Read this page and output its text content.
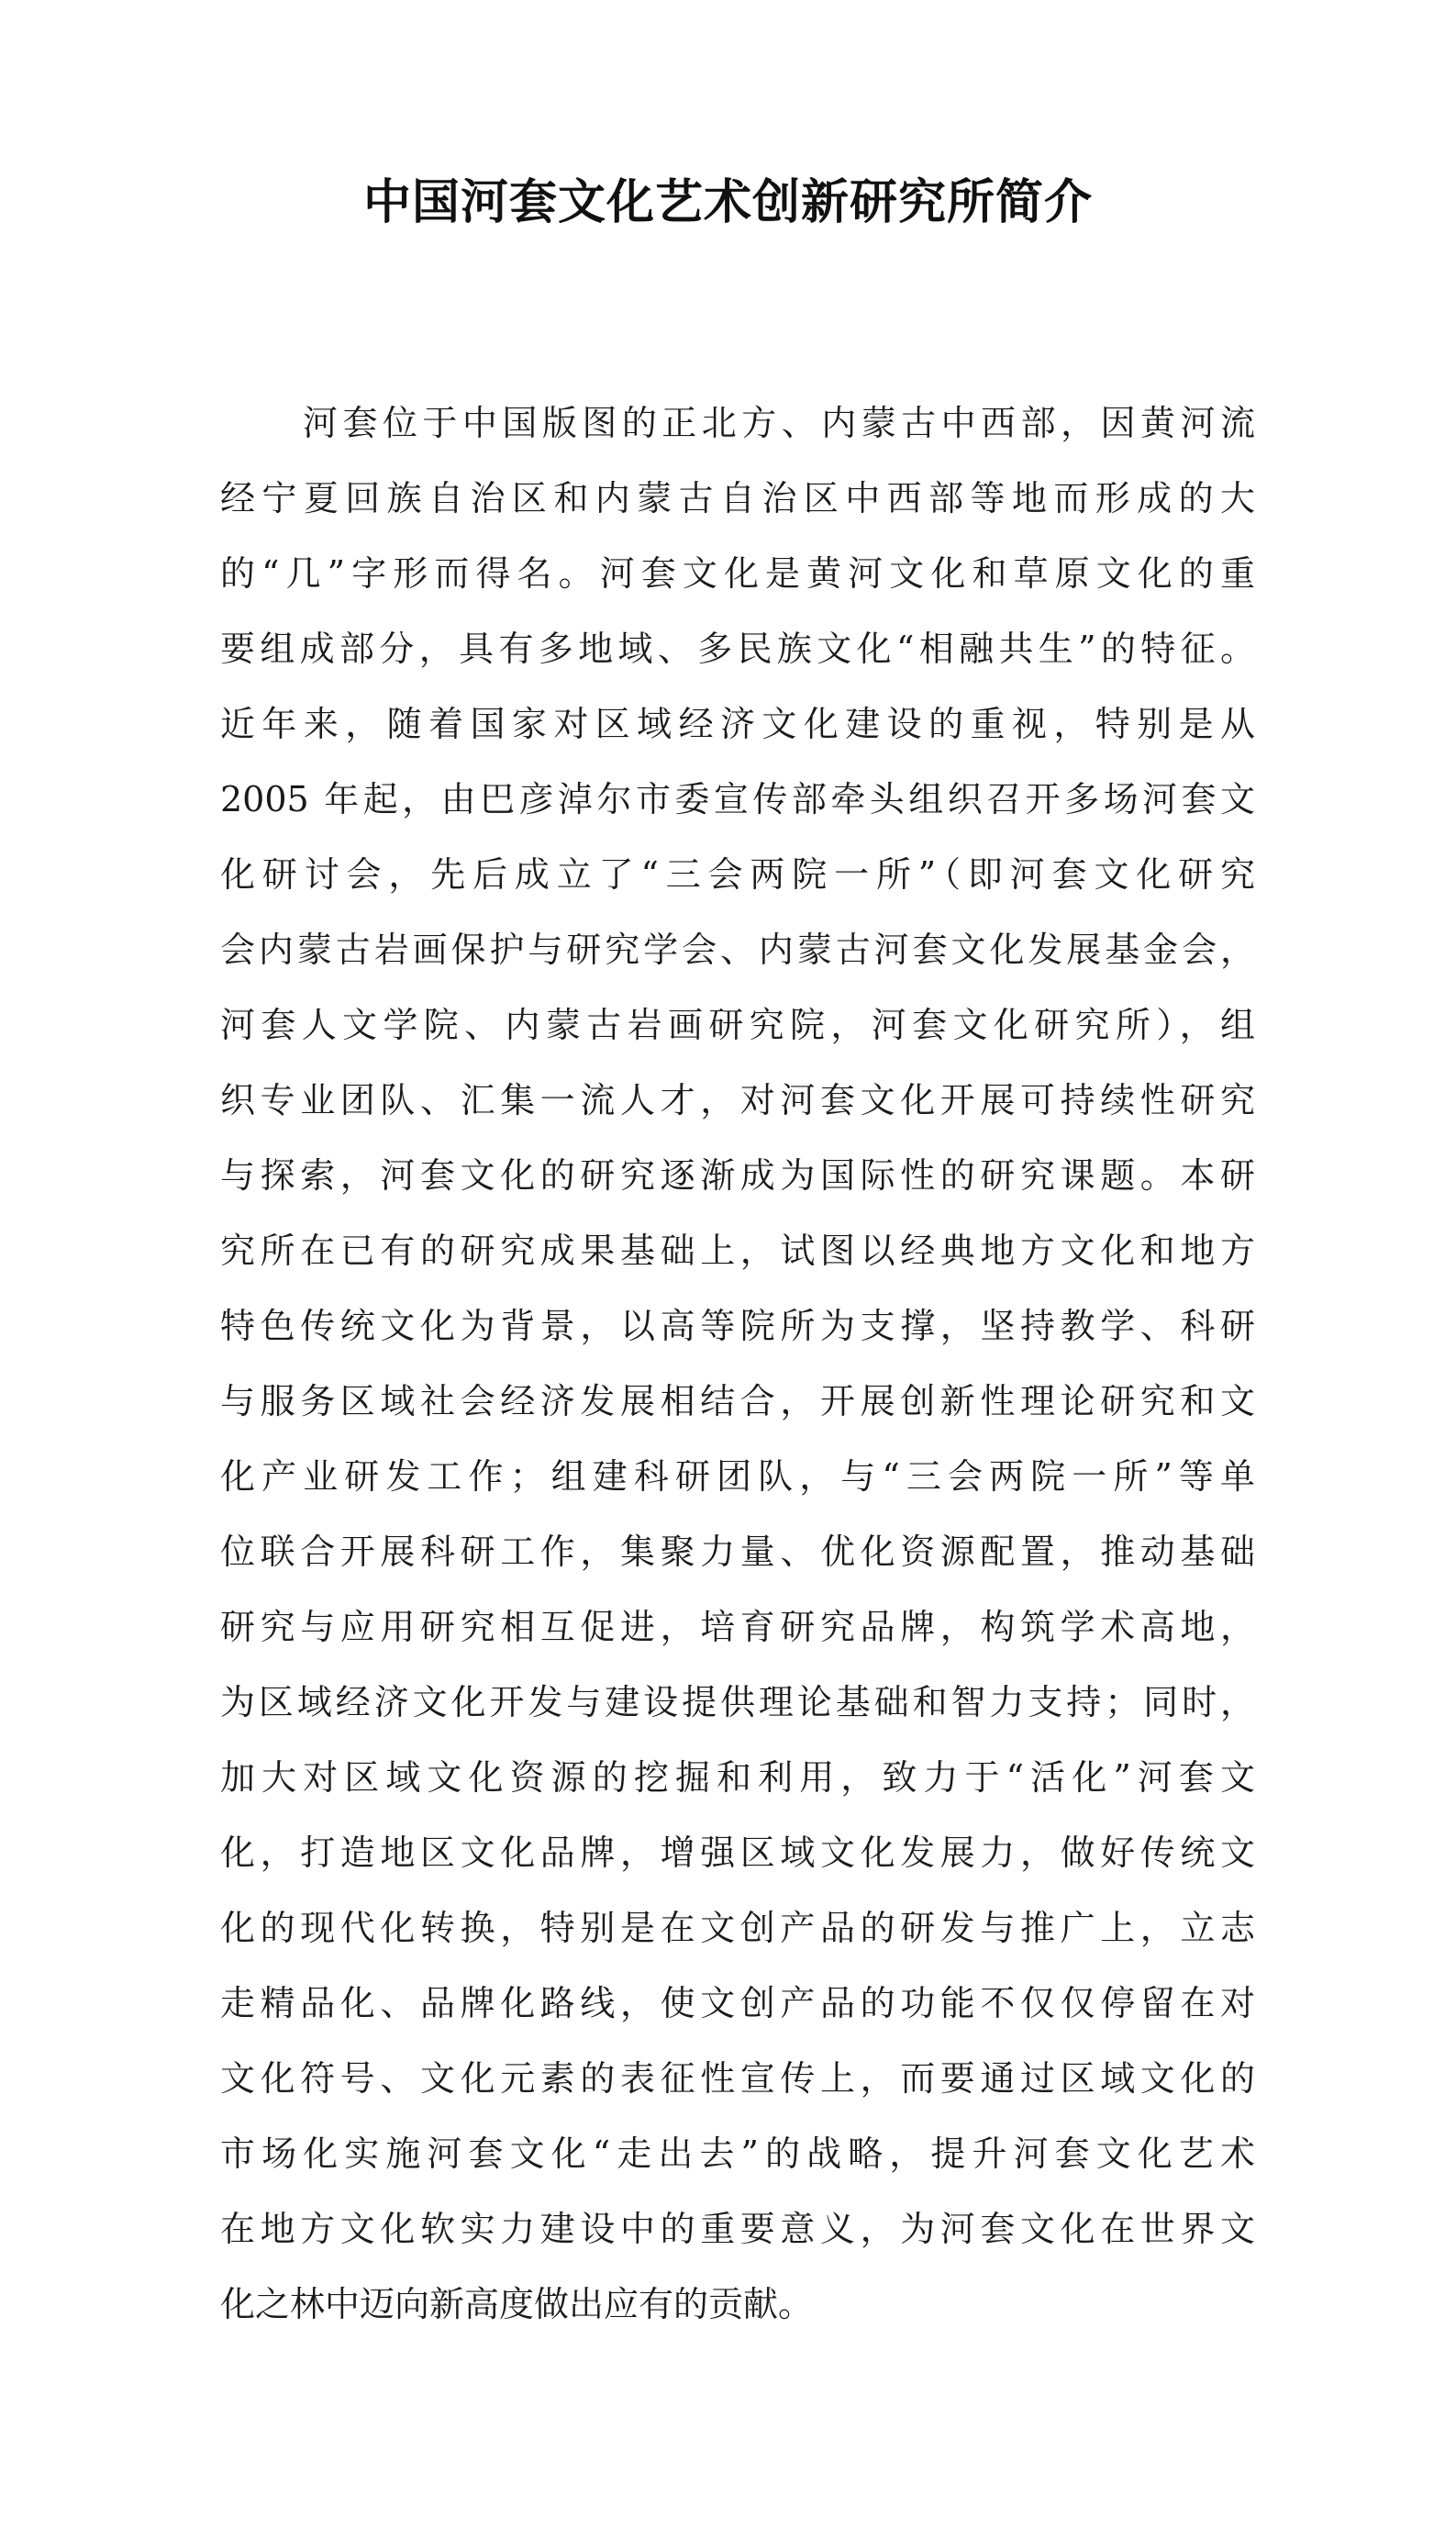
中国河套文化艺术创新研究所简介
河套位于中国版图的正北方、内蒙古中西部，因黄河流
经宁夏回族自治区和内蒙古自治区中西部等地而形成的大
的“几”字形而得名。河套文化是黄河文化和草原文化的重
要组成部分，具有多地域、多民族文化“相融共生”的特征。
近年来，随着国家对区域经济文化建设的重视，特别是从
2005 年起，由巴彦淖尔市委宣传部牵头组织召开多场河套文
化研讨会，先后成立了“三会两院一所”（即河套文化研究
会内蒙古岩画保护与研究学会、内蒙古河套文化发展基金会，
河套人文学院、内蒙古岩画研究院，河套文化研究所），组
织专业团队、汇集一流人才，对河套文化开展可持续性研究
与探索，河套文化的研究逐渐成为国际性的研究课题。本研
究所在已有的研究成果基础上，试图以经典地方文化和地方
特色传统文化为背景，以高等院所为支撑，坚持教学、科研
与服务区域社会经济发展相结合，开展创新性理论研究和文
化产业研发工作；组建科研团队，与“三会两院一所”等单
位联合开展科研工作，集聚力量、优化资源配置，推动基础
研究与应用研究相互促进，培育研究品牌，构筑学术高地，
为区域经济文化开发与建设提供理论基础和智力支持；同时，
加大对区域文化资源的挖掘和利用，致力于“活化”河套文
化，打造地区文化品牌，增强区域文化发展力，做好传统文
化的现代化转换，特别是在文创产品的研发与推广上，立志
走精品化、品牌化路线，使文创产品的功能不仅仅停留在对
文化符号、文化元素的表征性宣传上，而要通过区域文化的
市场化实施河套文化“走出去”的战略，提升河套文化艺术
在地方文化软实力建设中的重要意义，为河套文化在世界文
化之林中迈向新高度做出应有的贡献。
